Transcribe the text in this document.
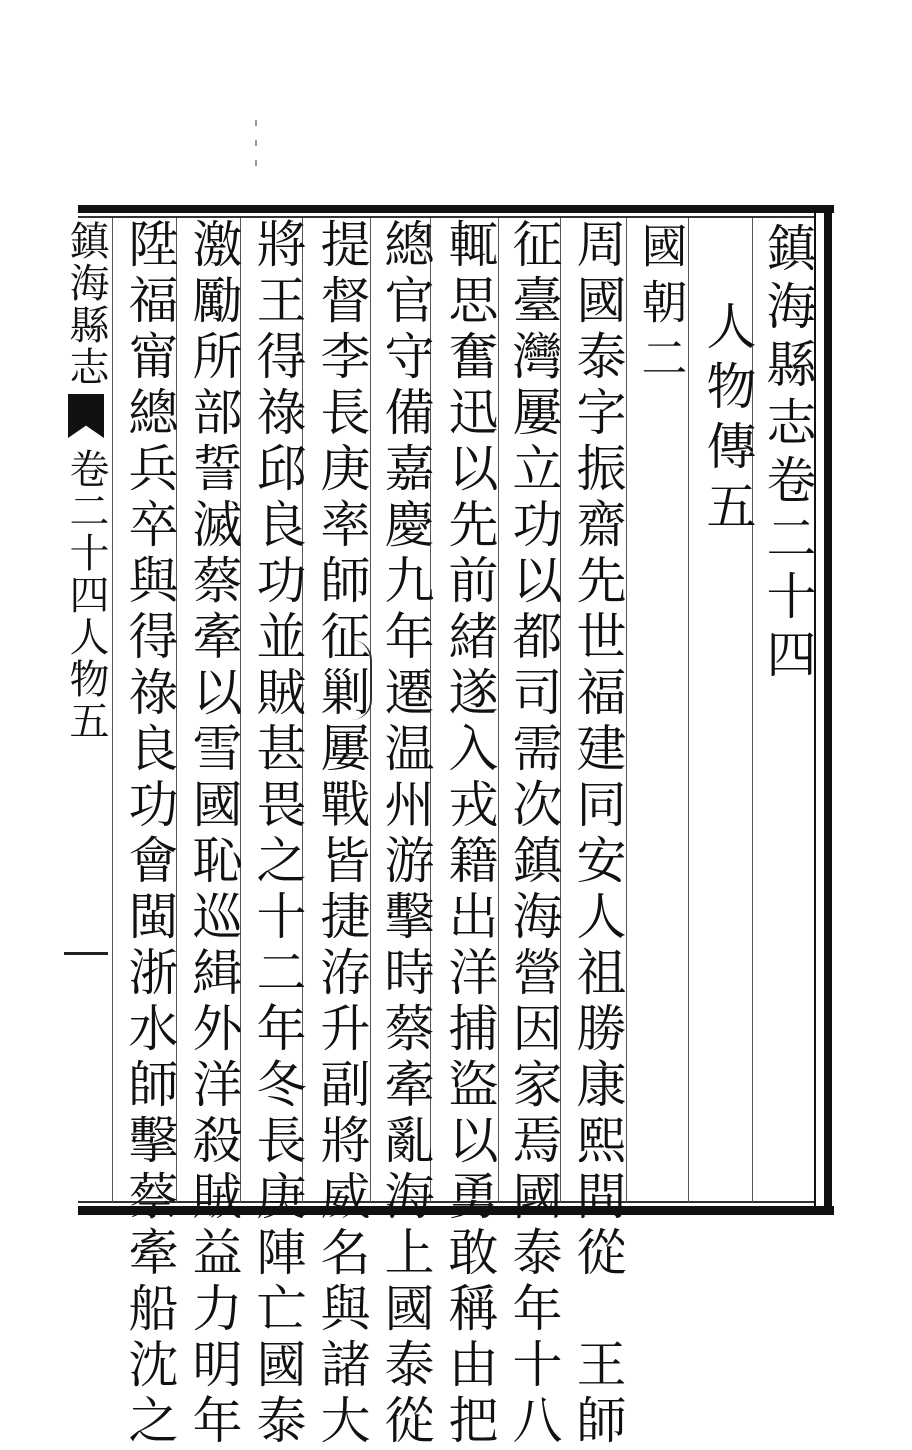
鎮海縣志卷二十四
人物傳五
國朝二
周國泰字振齋先世福建同安人祖勝康熙間從　王師
征臺灣屢立功以都司需次鎮海營因家焉國泰年十八
輒思奮迅以先前緒遂入戎籍出洋捕盜以勇敢稱由把
總官守備嘉慶九年遷温州游擊時蔡牽亂海上國泰從
提督李長庚率師征剿屢戰皆捷洊升副將威名與諸大
將王得祿邱良功並賊甚畏之十二年冬長庚陣亡國泰
激勵所部誓滅蔡牽以雪國恥巡緝外洋殺賊益力明年
陞福甯總兵卒與得祿良功會閩浙水師擊蔡牽船沈之
鎮海縣志
卷二十四人物五
